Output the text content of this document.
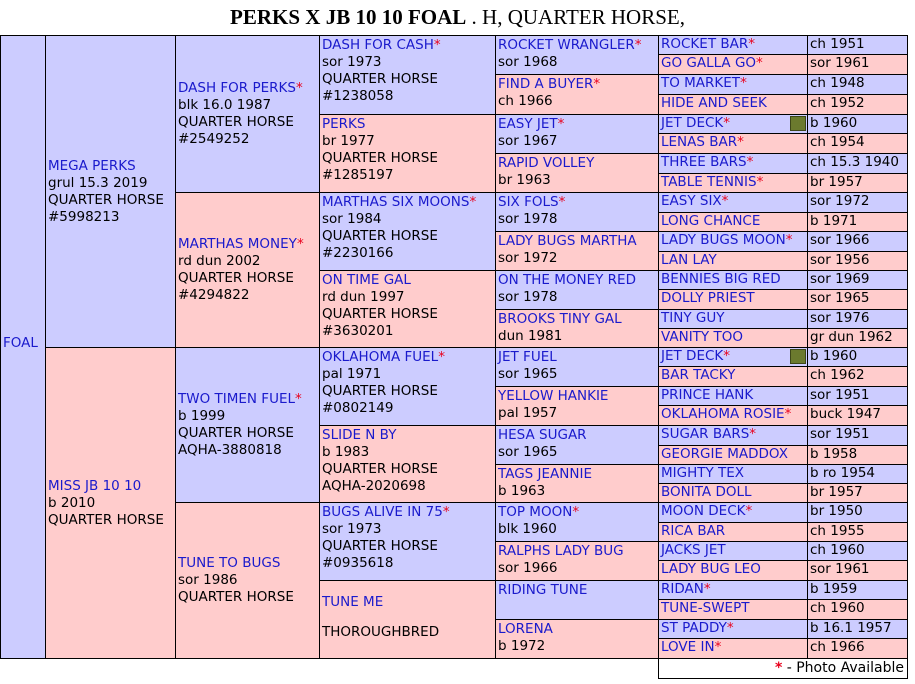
PERKS X JB 10 10 FOAL . H, QUARTER HORSE,
FOAL
MEGA PERKS
grul 15.3 2019
QUARTER HORSE
#5998213
MISS JB 10 10
b 2010
QUARTER HORSE
DASH FOR PERKS*
blk 16.0 1987
QUARTER HORSE
#2549252
MARTHAS MONEY*
rd dun 2002
QUARTER HORSE
#4294822
TWO TIMEN FUEL*
b 1999
QUARTER HORSE
AQHA-3880818
TUNE TO BUGS
sor 1986
QUARTER HORSE
DASH FOR CASH*
sor 1973
QUARTER HORSE
#1238058
PERKS
br 1977
QUARTER HORSE
#1285197
MARTHAS SIX MOONS*
sor 1984
QUARTER HORSE
#2230166
ON TIME GAL
rd dun 1997
QUARTER HORSE
#3630201
OKLAHOMA FUEL*
pal 1971
QUARTER HORSE
#0802149
SLIDE N BY
b 1983
QUARTER HORSE
AQHA-2020698
BUGS ALIVE IN 75*
sor 1973
QUARTER HORSE
#0935618
TUNE ME
THOROUGHBRED
ROCKET WRANGLER*
sor 1968
FIND A BUYER*
ch 1966
EASY JET*
sor 1967
RAPID VOLLEY
br 1963
SIX FOLS*
sor 1978
LADY BUGS MARTHA
sor 1972
ON THE MONEY RED
sor 1978
BROOKS TINY GAL
dun 1981
JET FUEL
sor 1965
YELLOW HANKIE
pal 1957
HESA SUGAR
sor 1965
TAGS JEANNIE
b 1963
TOP MOON*
blk 1960
RALPHS LADY BUG
sor 1966
RIDING TUNE
LORENA
b 1972
ROCKET BAR*
GO GALLA GO*
TO MARKET*
HIDE AND SEEK
JET DECK*
LENAS BAR*
THREE BARS*
TABLE TENNIS*
EASY SIX*
LONG CHANCE
LADY BUGS MOON*
LAN LAY
BENNIES BIG RED
DOLLY PRIEST
TINY GUY
VANITY TOO
JET DECK*
BAR TACKY
PRINCE HANK
OKLAHOMA ROSIE*
SUGAR BARS*
GEORGIE MADDOX
MIGHTY TEX
BONITA DOLL
MOON DECK*
RICA BAR
JACKS JET
LADY BUG LEO
RIDAN*
TUNE-SWEPT
ST PADDY*
LOVE IN*
ch 1951
sor 1961
ch 1948
ch 1952
b 1960
ch 1954
ch 15.3 1940
br 1957
sor 1972
b 1971
sor 1966
sor 1956
sor 1969
sor 1965
sor 1976
gr dun 1962
b 1960
ch 1962
sor 1951
buck 1947
sor 1951
b 1958
b ro 1954
br 1957
br 1950
ch 1955
ch 1960
sor 1961
b 1959
ch 1960
b 16.1 1957
ch 1966
* - Photo Available
